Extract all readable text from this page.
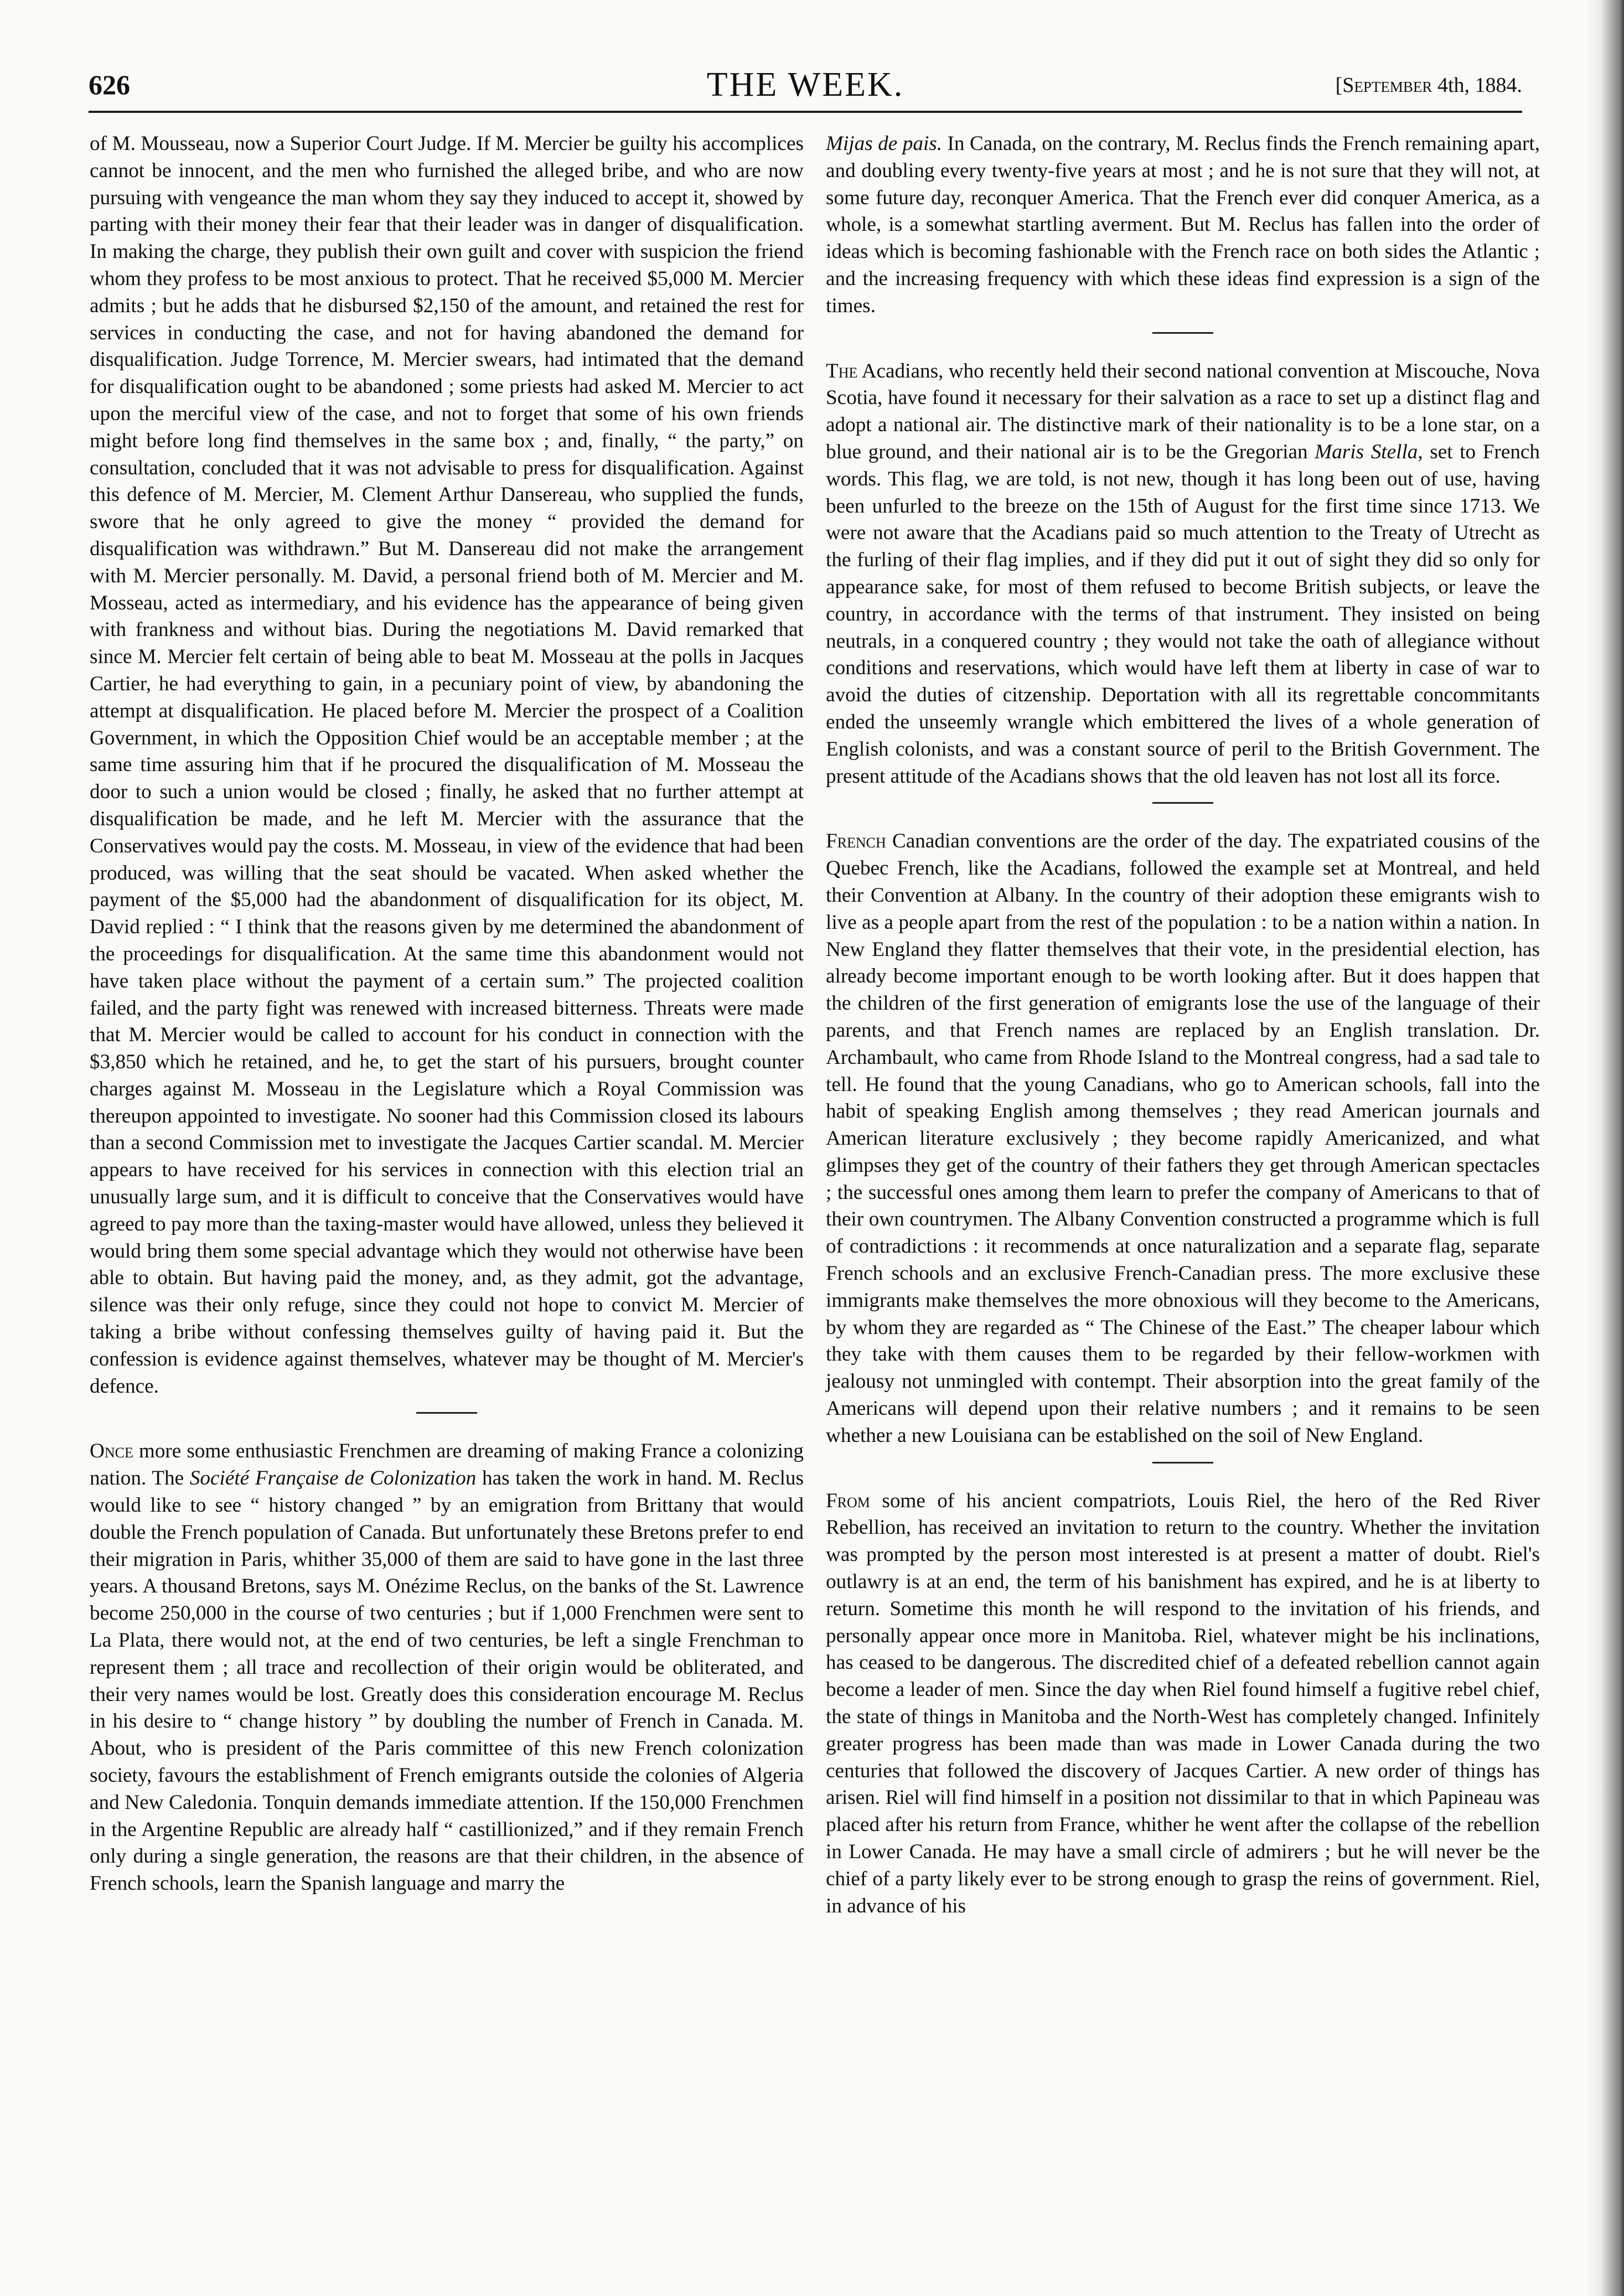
626	THE WEEK.	[September 4th, 1884.

of M. Mousseau, now a Superior Court Judge. If M. Mercier be guilty his accomplices cannot be innocent, and the men who furnished the alleged bribe, and who are now pursuing with vengeance the man whom they say they induced to accept it, showed by parting with their money their fear that their leader was in danger of disqualification. In making the charge, they publish their own guilt and cover with suspicion the friend whom they profess to be most anxious to protect. That he received $5,000 M. Mercier admits ; but he adds that he disbursed $2,150 of the amount, and retained the rest for services in conducting the case, and not for having abandoned the demand for disqualification. Judge Torrence, M. Mercier swears, had intimated that the demand for disqualification ought to be abandoned ; some priests had asked M. Mercier to act upon the merciful view of the case, and not to forget that some of his own friends might before long find themselves in the same box ; and, finally, “ the party,” on consultation, concluded that it was not advisable to press for disqualification. Against this defence of M. Mercier, M. Clement Arthur Dansereau, who supplied the funds, swore that he only agreed to give the money “ provided the demand for disqualification was withdrawn.” But M. Dansereau did not make the arrangement with M. Mercier personally. M. David, a personal friend both of M. Mercier and M. Mosseau, acted as intermediary, and his evidence has the appearance of being given with frankness and without bias. During the negotiations M. David remarked that since M. Mercier felt certain of being able to beat M. Mosseau at the polls in Jacques Cartier, he had everything to gain, in a pecuniary point of view, by abandoning the attempt at disqualification. He placed before M. Mercier the prospect of a Coalition Government, in which the Opposition Chief would be an acceptable member ; at the same time assuring him that if he procured the disqualification of M. Mosseau the door to such a union would be closed ; finally, he asked that no further attempt at disqualification be made, and he left M. Mercier with the assurance that the Conservatives would pay the costs. M. Mosseau, in view of the evidence that had been produced, was willing that the seat should be vacated. When asked whether the payment of the $5,000 had the abandonment of disqualification for its object, M. David replied : “ I think that the reasons given by me determined the abandonment of the proceedings for disqualification. At the same time this abandonment would not have taken place without the payment of a certain sum.” The projected coalition failed, and the party fight was renewed with increased bitterness. Threats were made that M. Mercier would be called to account for his conduct in connection with the $3,850 which he retained, and he, to get the start of his pursuers, brought counter charges against M. Mosseau in the Legislature which a Royal Commission was thereupon appointed to investigate. No sooner had this Commission closed its labours than a second Commission met to investigate the Jacques Cartier scandal. M. Mercier appears to have received for his services in connection with this election trial an unusually large sum, and it is difficult to conceive that the Conservatives would have agreed to pay more than the taxing-master would have allowed, unless they believed it would bring them some special advantage which they would not otherwise have been able to obtain. But having paid the money, and, as they admit, got the advantage, silence was their only refuge, since they could not hope to convict M. Mercier of taking a bribe without confessing themselves guilty of having paid it. But the confession is evidence against themselves, whatever may be thought of M. Mercier's defence.

Once more some enthusiastic Frenchmen are dreaming of making France a colonizing nation. The Société Française de Colonization has taken the work in hand. M. Reclus would like to see “ history changed ” by an emigration from Brittany that would double the French population of Canada. But unfortunately these Bretons prefer to end their migration in Paris, whither 35,000 of them are said to have gone in the last three years. A thousand Bretons, says M. Onézime Reclus, on the banks of the St. Lawrence become 250,000 in the course of two centuries ; but if 1,000 Frenchmen were sent to La Plata, there would not, at the end of two centuries, be left a single Frenchman to represent them ; all trace and recollection of their origin would be obliterated, and their very names would be lost. Greatly does this consideration encourage M. Reclus in his desire to “ change history ” by doubling the number of French in Canada. M. About, who is president of the Paris committee of this new French colonization society, favours the establishment of French emigrants outside the colonies of Algeria and New Caledonia. Tonquin demands immediate attention. If the 150,000 Frenchmen in the Argentine Republic are already half “ castillionized,” and if they remain French only during a single generation, the reasons are that their children, in the absence of French schools, learn the Spanish language and marry the

Mijas de pais. In Canada, on the contrary, M. Reclus finds the French remaining apart, and doubling every twenty-five years at most ; and he is not sure that they will not, at some future day, reconquer America. That the French ever did conquer America, as a whole, is a somewhat startling averment. But M. Reclus has fallen into the order of ideas which is becoming fashionable with the French race on both sides the Atlantic ; and the increasing frequency with which these ideas find expression is a sign of the times.

The Acadians, who recently held their second national convention at Miscouche, Nova Scotia, have found it necessary for their salvation as a race to set up a distinct flag and adopt a national air. The distinctive mark of their nationality is to be a lone star, on a blue ground, and their national air is to be the Gregorian Maris Stella, set to French words. This flag, we are told, is not new, though it has long been out of use, having been unfurled to the breeze on the 15th of August for the first time since 1713. We were not aware that the Acadians paid so much attention to the Treaty of Utrecht as the furling of their flag implies, and if they did put it out of sight they did so only for appearance sake, for most of them refused to become British subjects, or leave the country, in accordance with the terms of that instrument. They insisted on being neutrals, in a conquered country ; they would not take the oath of allegiance without conditions and reservations, which would have left them at liberty in case of war to avoid the duties of citzenship. Deportation with all its regrettable concommitants ended the unseemly wrangle which embittered the lives of a whole generation of English colonists, and was a constant source of peril to the British Government. The present attitude of the Acadians shows that the old leaven has not lost all its force.

French Canadian conventions are the order of the day. The expatriated cousins of the Quebec French, like the Acadians, followed the example set at Montreal, and held their Convention at Albany. In the country of their adoption these emigrants wish to live as a people apart from the rest of the population : to be a nation within a nation. In New England they flatter themselves that their vote, in the presidential election, has already become important enough to be worth looking after. But it does happen that the children of the first generation of emigrants lose the use of the language of their parents, and that French names are replaced by an English translation. Dr. Archambault, who came from Rhode Island to the Montreal congress, had a sad tale to tell. He found that the young Canadians, who go to American schools, fall into the habit of speaking English among themselves ; they read American journals and American literature exclusively ; they become rapidly Americanized, and what glimpses they get of the country of their fathers they get through American spectacles ; the successful ones among them learn to prefer the company of Americans to that of their own countrymen. The Albany Convention constructed a programme which is full of contradictions : it recommends at once naturalization and a separate flag, separate French schools and an exclusive French-Canadian press. The more exclusive these immigrants make themselves the more obnoxious will they become to the Americans, by whom they are regarded as “ The Chinese of the East.” The cheaper labour which they take with them causes them to be regarded by their fellow-workmen with jealousy not unmingled with contempt. Their absorption into the great family of the Americans will depend upon their relative numbers ; and it remains to be seen whether a new Louisiana can be established on the soil of New England.

From some of his ancient compatriots, Louis Riel, the hero of the Red River Rebellion, has received an invitation to return to the country. Whether the invitation was prompted by the person most interested is at present a matter of doubt. Riel's outlawry is at an end, the term of his banishment has expired, and he is at liberty to return. Sometime this month he will respond to the invitation of his friends, and personally appear once more in Manitoba. Riel, whatever might be his inclinations, has ceased to be dangerous. The discredited chief of a defeated rebellion cannot again become a leader of men. Since the day when Riel found himself a fugitive rebel chief, the state of things in Manitoba and the North-West has completely changed. Infinitely greater progress has been made than was made in Lower Canada during the two centuries that followed the discovery of Jacques Cartier. A new order of things has arisen. Riel will find himself in a position not dissimilar to that in which Papineau was placed after his return from France, whither he went after the collapse of the rebellion in Lower Canada. He may have a small circle of admirers ; but he will never be the chief of a party likely ever to be strong enough to grasp the reins of government. Riel, in advance of his
